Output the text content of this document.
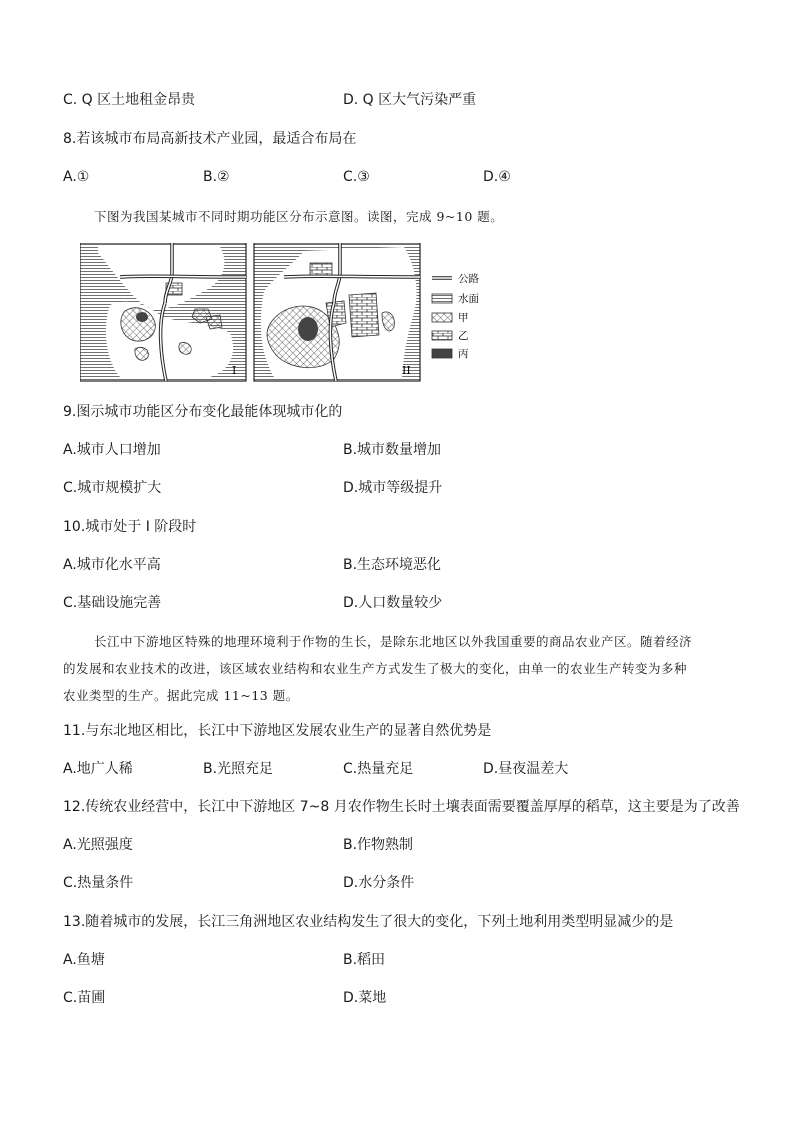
C. Q 区土地租金昂贵	D. Q 区大气污染严重
8.若该城市布局高新技术产业园，最适合布局在
A.①	B.②	C.③	D.④
下图为我国某城市不同时期功能区分布示意图。读图，完成 9~10 题。
I	II
公路
水面
甲
乙
丙
9.图示城市功能区分布变化最能体现城市化的
A.城市人口增加	B.城市数量增加
C.城市规模扩大	D.城市等级提升
10.城市处于 I 阶段时
A.城市化水平高	B.生态环境恶化
C.基础设施完善	D.人口数量较少
长江中下游地区特殊的地理环境利于作物的生长，是除东北地区以外我国重要的商品农业产区。随着经济
的发展和农业技术的改进，该区域农业结构和农业生产方式发生了极大的变化，由单一的农业生产转变为多种
农业类型的生产。据此完成 11~13 题。
11.与东北地区相比，长江中下游地区发展农业生产的显著自然优势是
A.地广人稀	B.光照充足	C.热量充足	D.昼夜温差大
12.传统农业经营中，长江中下游地区 7~8 月农作物生长时土壤表面需要覆盖厚厚的稻草，这主要是为了改善
A.光照强度	B.作物熟制
C.热量条件	D.水分条件
13.随着城市的发展，长江三角洲地区农业结构发生了很大的变化，下列土地利用类型明显减少的是
A.鱼塘	B.稻田
C.苗圃	D.菜地
